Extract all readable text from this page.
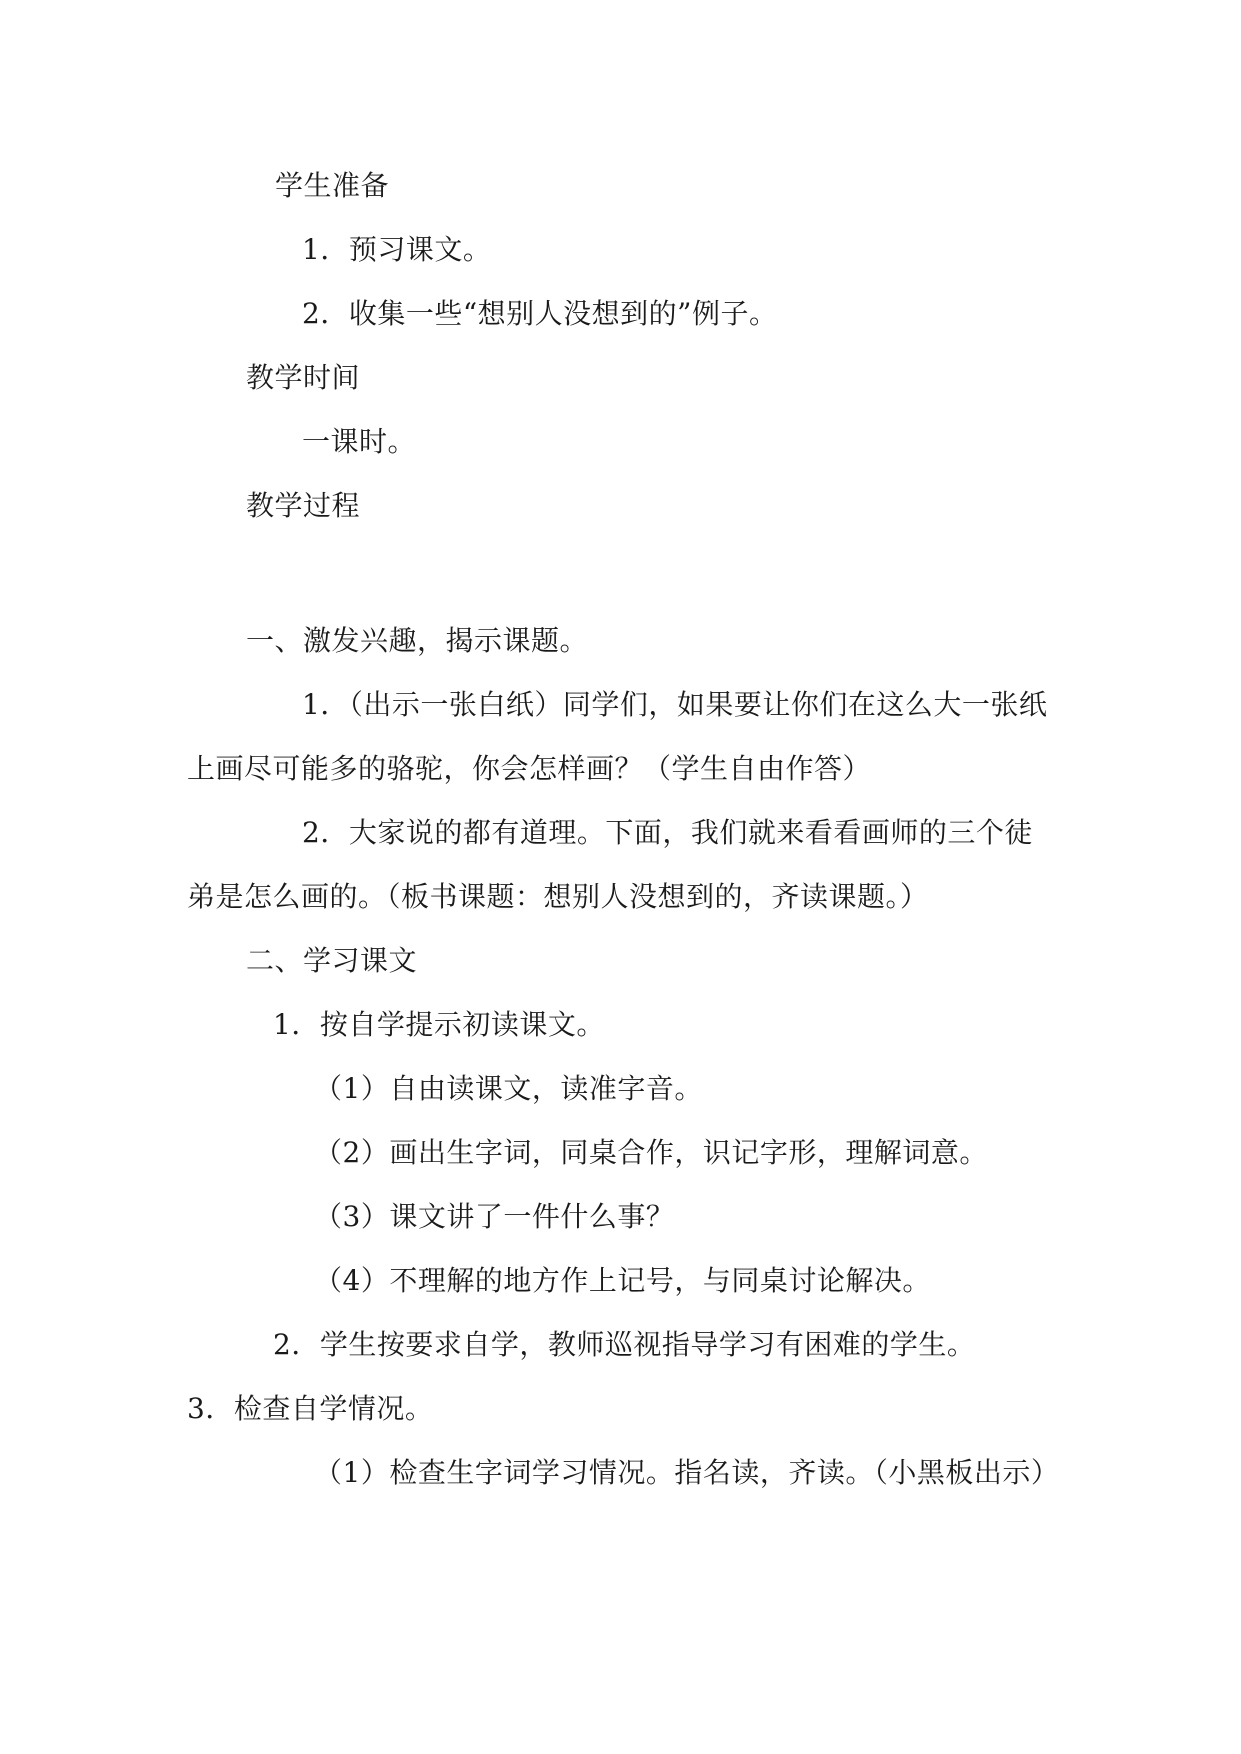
学生准备
1．预习课文。
2．收集一些“想别人没想到的”例子。
教学时间
一课时。
教学过程
一、激发兴趣，揭示课题。
1．（出示一张白纸）同学们，如果要让你们在这么大一张纸
上画尽可能多的骆驼，你会怎样画？（学生自由作答）
2．大家说的都有道理。下面，我们就来看看画师的三个徒
弟是怎么画的。（板书课题：想别人没想到的，齐读课题。）
二、学习课文
1．按自学提示初读课文。
（1）自由读课文，读准字音。
（2）画出生字词，同桌合作，识记字形，理解词意。
（3）课文讲了一件什么事？
（4）不理解的地方作上记号，与同桌讨论解决。
2．学生按要求自学，教师巡视指导学习有困难的学生。
3．检查自学情况。
（1）检查生字词学习情况。指名读，齐读。（小黑板出示）
